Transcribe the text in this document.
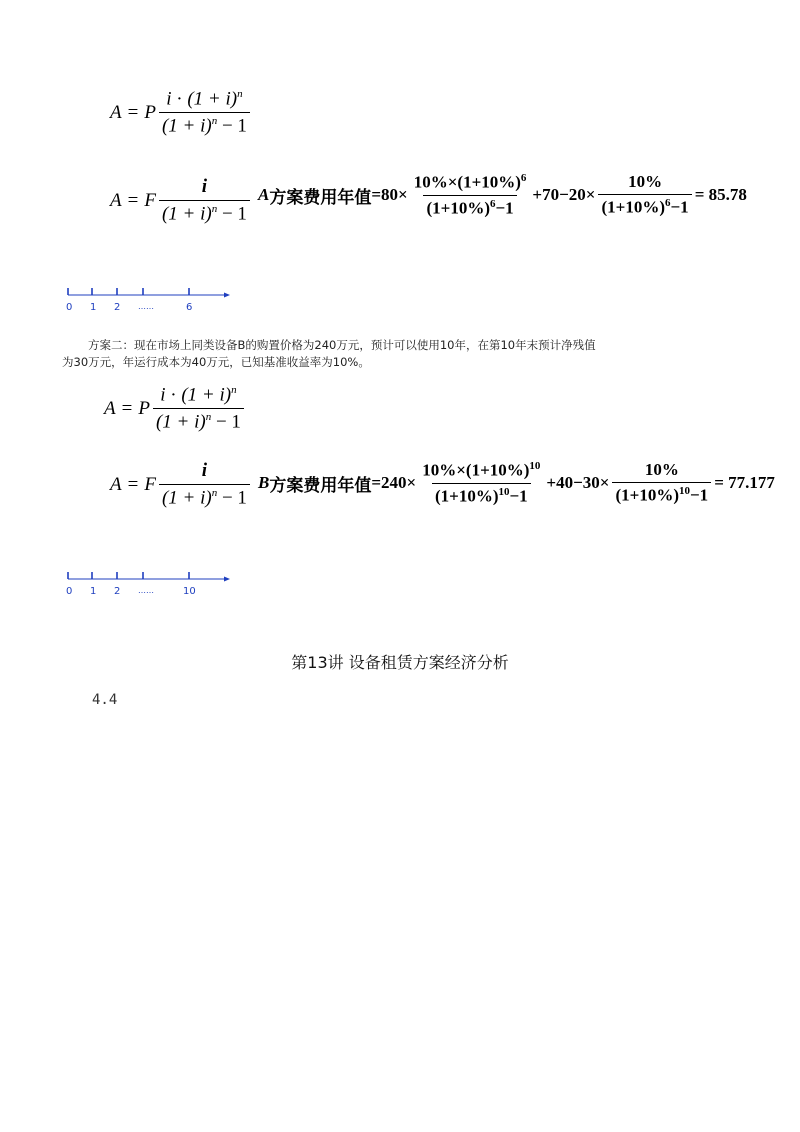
A = P $\frac{i \cdot (1 + i)^n}{(1 + i)^n - 1}$
A = F $\frac{i}{(1 + i)^n - 1}$ A 方案费用年值 = $80\times \frac{10\%\times(1+10\%)^6}{(1+10\%)^6-1} +70-20\times \frac{10\%}{(1+10\%)^6-1} = 85.78$
0 1 2 ……	6
方案二：现在市场上同类设备B的购置价格为240万元，预计可以使用10年，在第10年末预计净残值
为30万元，年运行成本为40万元，已知基准收益率为10%。
A = P $\frac{i \cdot (1 + i)^n}{(1 + i)^n - 1}$
A = F $\frac{i}{(1 + i)^n - 1}$ B 方案费用年值 = $240\times \frac{10\%\times(1+10\%)^{10}}{(1+10\%)^{10}-1} +40-30\times \frac{10\%}{(1+10\%)^{10}-1} = 77.177$
0 1 2 ……	10
第13讲 设备租赁方案经济分析
4.4
